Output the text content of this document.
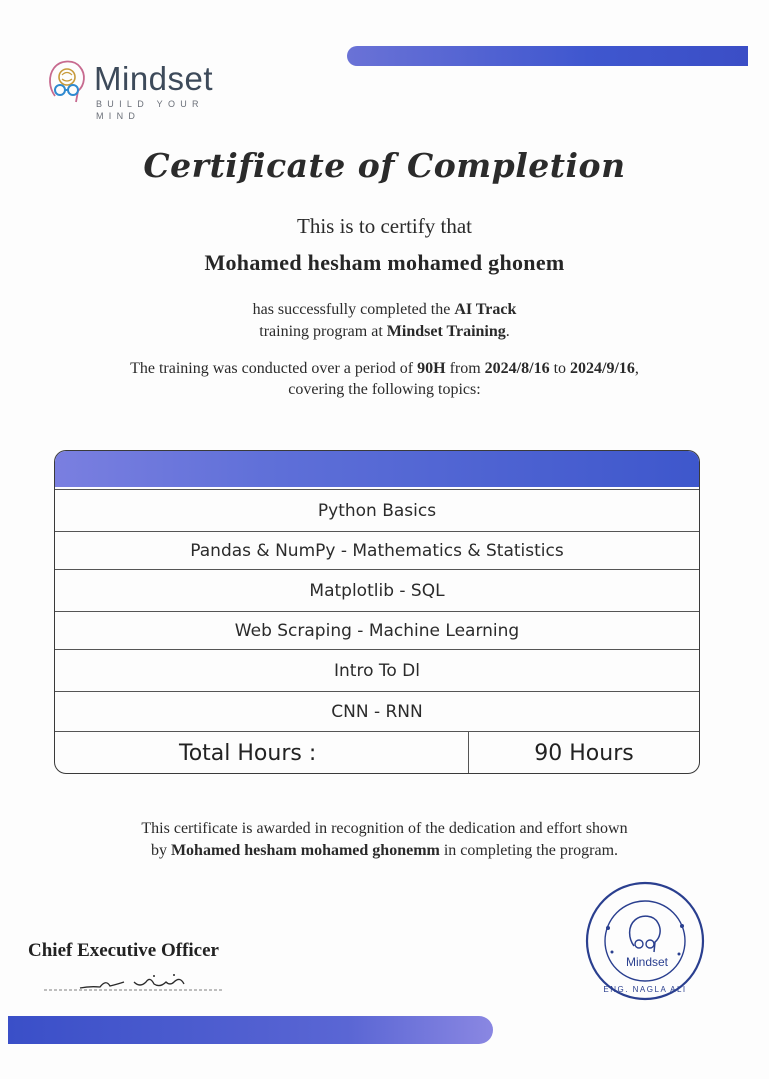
Mindset
BUILD YOUR MIND
Certificate of Completion
This is to certify that
Mohamed hesham mohamed ghonem
has successfully completed the AI Track
training program at Mindset Training.
The training was conducted over a period of 90H from 2024/8/16 to 2024/9/16,
covering the following topics:
Python Basics
Pandas & NumPy - Mathematics & Statistics
Matplotlib - SQL
Web Scraping - Machine Learning
Intro To Dl
CNN - RNN
Total Hours :	90 Hours
This certificate is awarded in recognition of the dedication and effort shown
by Mohamed hesham mohamed ghonemm in completing the program.
Chief Executive Officer
Mindset
ENG. NAGLA ALI
